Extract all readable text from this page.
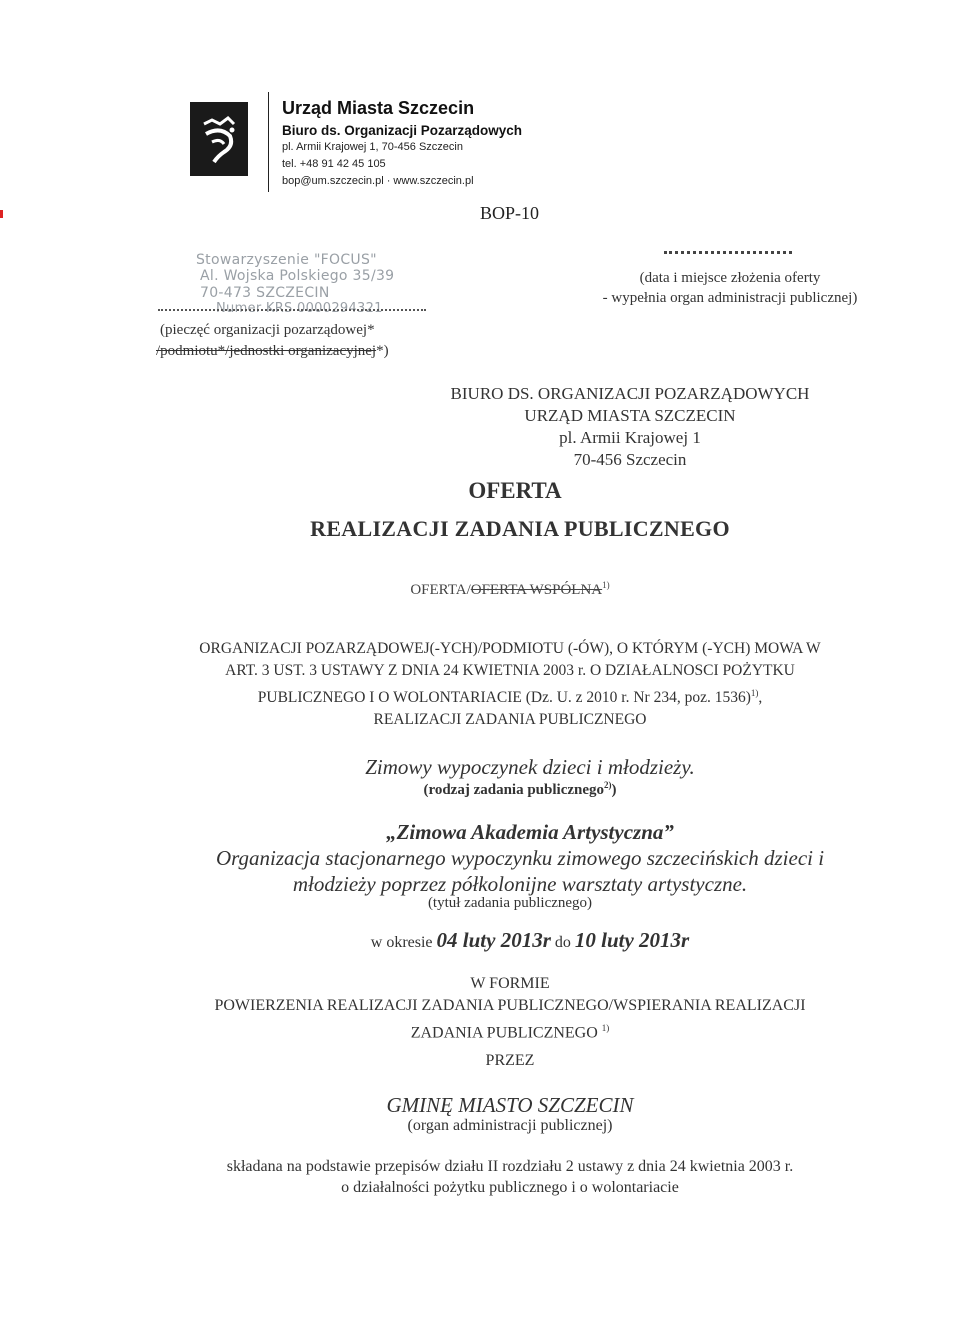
Urząd Miasta Szczecin
Biuro ds. Organizacji Pozarządowych
pl. Armii Krajowej 1, 70-456 Szczecin
tel. +48 91 42 45 105
bop@um.szczecin.pl · www.szczecin.pl
BOP-10
Stowarzyszenie "FOCUS"
Al. Wojska Polskiego 35/39
70-473 SZCZECIN
Numer KRS 0000294321
(pieczęć organizacji pozarządowej*
/podmiotu*/jednostki organizacyjnej*)
(data i miejsce złożenia oferty
- wypełnia organ administracji publicznej)
BIURO DS. ORGANIZACJI POZARZĄDOWYCH
URZĄD MIASTA SZCZECIN
pl. Armii Krajowej 1
70-456 Szczecin
OFERTA
REALIZACJI ZADANIA PUBLICZNEGO
OFERTA/OFERTA WSPÓLNA$^{1)}$
ORGANIZACJI POZARZĄDOWEJ(-YCH)/PODMIOTU (-ÓW), O KTÓRYM (-YCH) MOWA W
ART. 3 UST. 3 USTAWY Z DNIA 24 KWIETNIA 2003 r. O DZIAŁALNOSCI POŻYTKU
PUBLICZNEGO I O WOLONTARIACIE (Dz. U. z 2010 r. Nr 234, poz. 1536)$^{1)}$,
REALIZACJI ZADANIA PUBLICZNEGO
Zimowy wypoczynek dzieci i młodzieży.
(rodzaj zadania publicznego$^{2)}$)
„Zimowa Akademia Artystyczna”
Organizacja stacjonarnego wypoczynku zimowego szczecińskich dzieci i
młodzieży poprzez półkolonijne warsztaty artystyczne.
(tytuł zadania publicznego)
w okresie 04 luty 2013r do 10 luty 2013r
W FORMIE
POWIERZENIA REALIZACJI ZADANIA PUBLICZNEGO/WSPIERANIA REALIZACJI
ZADANIA PUBLICZNEGO $^{1)}$
PRZEZ
GMINĘ MIASTO SZCZECIN
(organ administracji publicznej)
składana na podstawie przepisów działu II rozdziału 2 ustawy z dnia 24 kwietnia 2003 r.
o działalności pożytku publicznego i o wolontariacie
